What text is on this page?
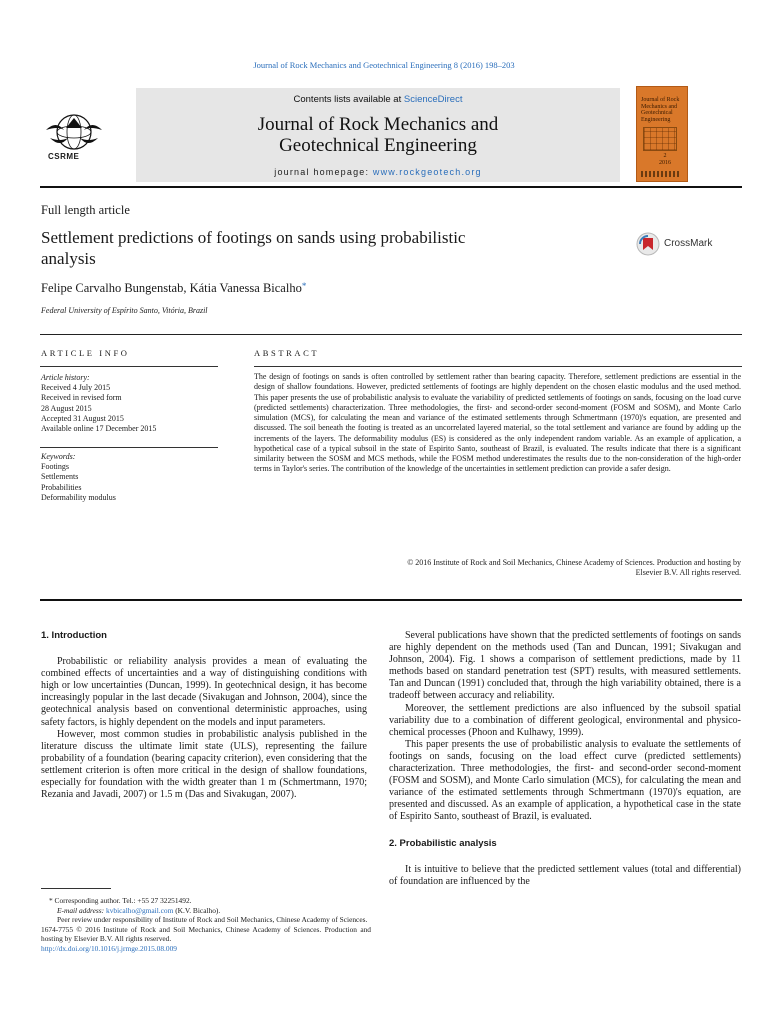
Journal of Rock Mechanics and Geotechnical Engineering 8 (2016) 198–203
CSRME
Contents lists available at ScienceDirect
Journal of Rock Mechanics and
Geotechnical Engineering
journal homepage: www.rockgeotech.org
Journal of Rock Mechanics and Geotechnical Engineering
2
2016
Full length article
Settlement predictions of footings on sands using probabilistic
analysis
CrossMark
Felipe Carvalho Bungenstab, Kátia Vanessa Bicalho*
Federal University of Espírito Santo, Vitória, Brazil
ARTICLE INFO
Article history:
Received 4 July 2015
Received in revised form
28 August 2015
Accepted 31 August 2015
Available online 17 December 2015
Keywords:
Footings
Settlements
Probabilities
Deformability modulus
ABSTRACT
The design of footings on sands is often controlled by settlement rather than bearing capacity. Therefore, settlement predictions are essential in the design of shallow foundations. However, predicted settlements of footings are highly dependent on the chosen elastic modulus and the used method. This paper presents the use of probabilistic analysis to evaluate the variability of predicted settlements of footings on sands, focusing on the load curve (predicted settlements) characterization. Three methodologies, the first- and second-order second-moment (FOSM and SOSM), and Monte Carlo simulation (MCS), for calculating the mean and variance of the estimated settlements through Schmertmann (1970)'s equation, are presented and discussed. The soil beneath the footing is treated as an uncorrelated layered material, so the total settlement and variance are found by adding up the increments of the layers. The deformability modulus (ES) is considered as the only independent random variable. As an example of application, a hypothetical case of a typical subsoil in the state of Espirito Santo, southeast of Brazil, is evaluated. The results indicate that there is a significant similarity between the SOSM and MCS methods, while the FOSM method underestimates the results due to the non-consideration of the high-order terms in Taylor's series. The contribution of the knowledge of the uncertainties in settlement prediction can provide a safer design.
© 2016 Institute of Rock and Soil Mechanics, Chinese Academy of Sciences. Production and hosting by
Elsevier B.V. All rights reserved.
1. Introduction

Probabilistic or reliability analysis provides a mean of evaluating the combined effects of uncertainties and a way of distinguishing conditions with high or low uncertainties (Duncan, 1999). In geotechnical design, it has become increasingly popular in the last decade (Sivakugan and Johnson, 2004), since the geotechnical analysis based on conventional deterministic approaches, using safety factors, is highly dependent on the models and input parameters.

However, most common studies in probabilistic analysis published in the literature discuss the ultimate limit state (ULS), representing the failure probability of a foundation (bearing capacity criterion), even considering that the settlement criterion is often more critical in the design of shallow foundations, especially for foundation with the width greater than 1 m (Schmertmann, 1970; Rezania and Javadi, 2007) or 1.5 m (Das and Sivakugan, 2007).

Several publications have shown that the predicted settlements of footings on sands are highly dependent on the methods used (Tan and Duncan, 1991; Sivakugan and Johnson, 2004). Fig. 1 shows a comparison of settlement predictions, made by 11 methods based on standard penetration test (SPT) results, with measured settlements. Tan and Duncan (1991) concluded that, through the high variability obtained, there is a tradeoff between accuracy and reliability.

Moreover, the settlement predictions are also influenced by the subsoil spatial variability due to a combination of different geological, environmental and physico-chemical processes (Phoon and Kulhawy, 1999).

This paper presents the use of probabilistic analysis to evaluate the settlements of footings on sands, focusing on the load effect curve (predicted settlements) characterization. Three methodologies, the first- and second-order second-moment (FOSM and SOSM), and Monte Carlo simulation (MCS), for calculating the mean and variance of the estimated settlements through Schmertmann (1970)'s equation, are presented and discussed. As an example of application, a hypothetical case in the state of Espirito Santo, southeast of Brazil, is evaluated.

2. Probabilistic analysis

It is intuitive to believe that the predicted settlement values (total and differential) of foundation are influenced by the

* Corresponding author. Tel.: +55 27 32251492.
E-mail address: kvbicalho@gmail.com (K.V. Bicalho).
Peer review under responsibility of Institute of Rock and Soil Mechanics, Chinese Academy of Sciences.
1674-7755 © 2016 Institute of Rock and Soil Mechanics, Chinese Academy of Sciences. Production and hosting by Elsevier B.V. All rights reserved.
http://dx.doi.org/10.1016/j.jrmge.2015.08.009
